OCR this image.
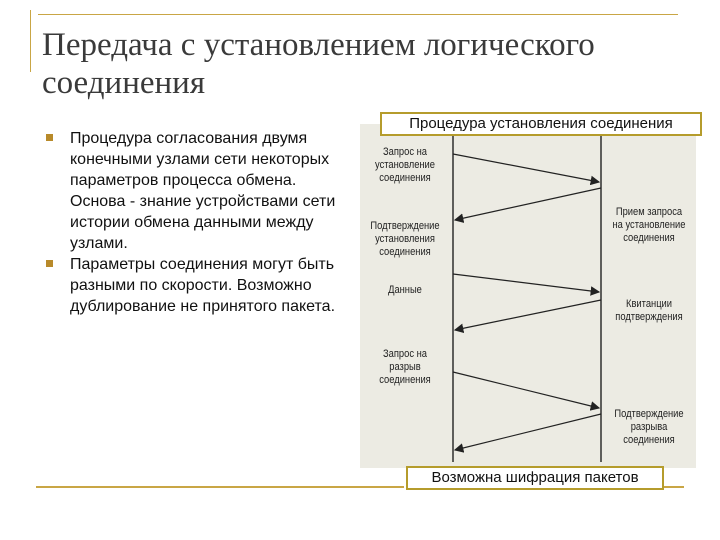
Передача с установлением логического соединения
Процедура согласования двумя конечными узлами сети некоторых параметров процесса обмена. Основа - знание устройствами сети истории обмена данными между узлами.
Параметры соединения могут быть разными по скорости. Возможно дублирование не принятого пакета.
Запрос на установление соединения
Подтверждение установления соединения
Данные
Запрос на разрыв соединения
Прием запроса на установление соединения
Квитанции подтверждения
Подтверждение разрыва соединения
Процедура установления соединения
Возможна шифрация пакетов
